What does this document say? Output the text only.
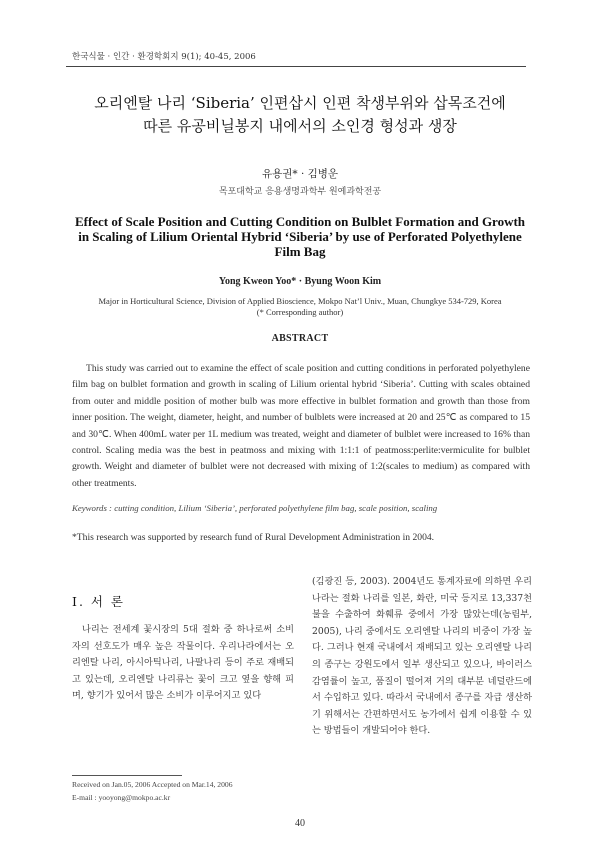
한국식물 · 인간 · 환경학회지 9(1); 40-45, 2006
오리엔탈 나리 ‘Siberia’ 인편삽시 인편 착생부위와 삽목조건에
따른 유공비닐봉지 내에서의 소인경 형성과 생장
유용권* · 김병운
목포대학교 응용생명과학부 원예과학전공
Effect of Scale Position and Cutting Condition on Bulblet Formation and Growth in Scaling of Lilium Oriental Hybrid ‘Siberia’ by use of Perforated Polyethylene Film Bag
Yong Kweon Yoo* · Byung Woon Kim
Major in Horticultural Science, Division of Applied Bioscience, Mokpo Nat’l Univ., Muan, Chungkye 534-729, Korea
(* Corresponding author)
ABSTRACT

This study was carried out to examine the effect of scale position and cutting conditions in perforated polyethylene film bag on bulblet formation and growth in scaling of Lilium oriental hybrid ‘Siberia’. Cutting with scales obtained from outer and middle position of mother bulb was more effective in bulblet formation and growth than those from inner position. The weight, diameter, height, and number of bulblets were increased at 20 and 25℃ as compared to 15 and 30℃. When 400mL water per 1L medium was treated, weight and diameter of bulblet were increased to 16% than control. Scaling media was the best in peatmoss and mixing with 1:1:1 of peatmoss:perlite:vermiculite for bulblet growth. Weight and diameter of bulblet were not decreased with mixing of 1:2(scales to medium) as compared with other treatments.

Keywords : cutting condition, Lilium ‘Siberia’, perforated polyethylene film bag, scale position, scaling
*This research was supported by research fund of Rural Development Administration in 2004.
Ⅰ. 서 론

나리는 전세계 꽃시장의 5대 절화 중 하나로써 소비자의 선호도가 매우 높은 작물이다. 우리나라에서는 오리엔탈 나리, 아시아틱나리, 나팔나리 등이 주로 재배되고 있는데, 오리엔탈 나리류는 꽃이 크고 옆을 향해 피며, 향기가 있어서 많은 소비가 이루어지고 있다

(김광진 등, 2003). 2004년도 통계자료에 의하면 우리나라는 절화 나리를 일본, 화란, 미국 등지로 13,337천불을 수출하여 화훼류 중에서 가장 많았는데(농림부, 2005), 나리 중에서도 오리엔탈 나리의 비중이 가장 높다. 그러나 현재 국내에서 재배되고 있는 오리엔탈 나리의 종구는 강원도에서 일부 생산되고 있으나, 바이러스 감염률이 높고, 품질이 떨어져 거의 대부분 네덜란드에서 수입하고 있다. 따라서 국내에서 종구를 자급 생산하기 위해서는 간편하면서도 농가에서 쉽게 이용할 수 있는 방법들이 개발되어야 한다.

Received on Jan.05, 2006 Accepted on Mar.14, 2006
E-mail : yooyong@mokpo.ac.kr
40
